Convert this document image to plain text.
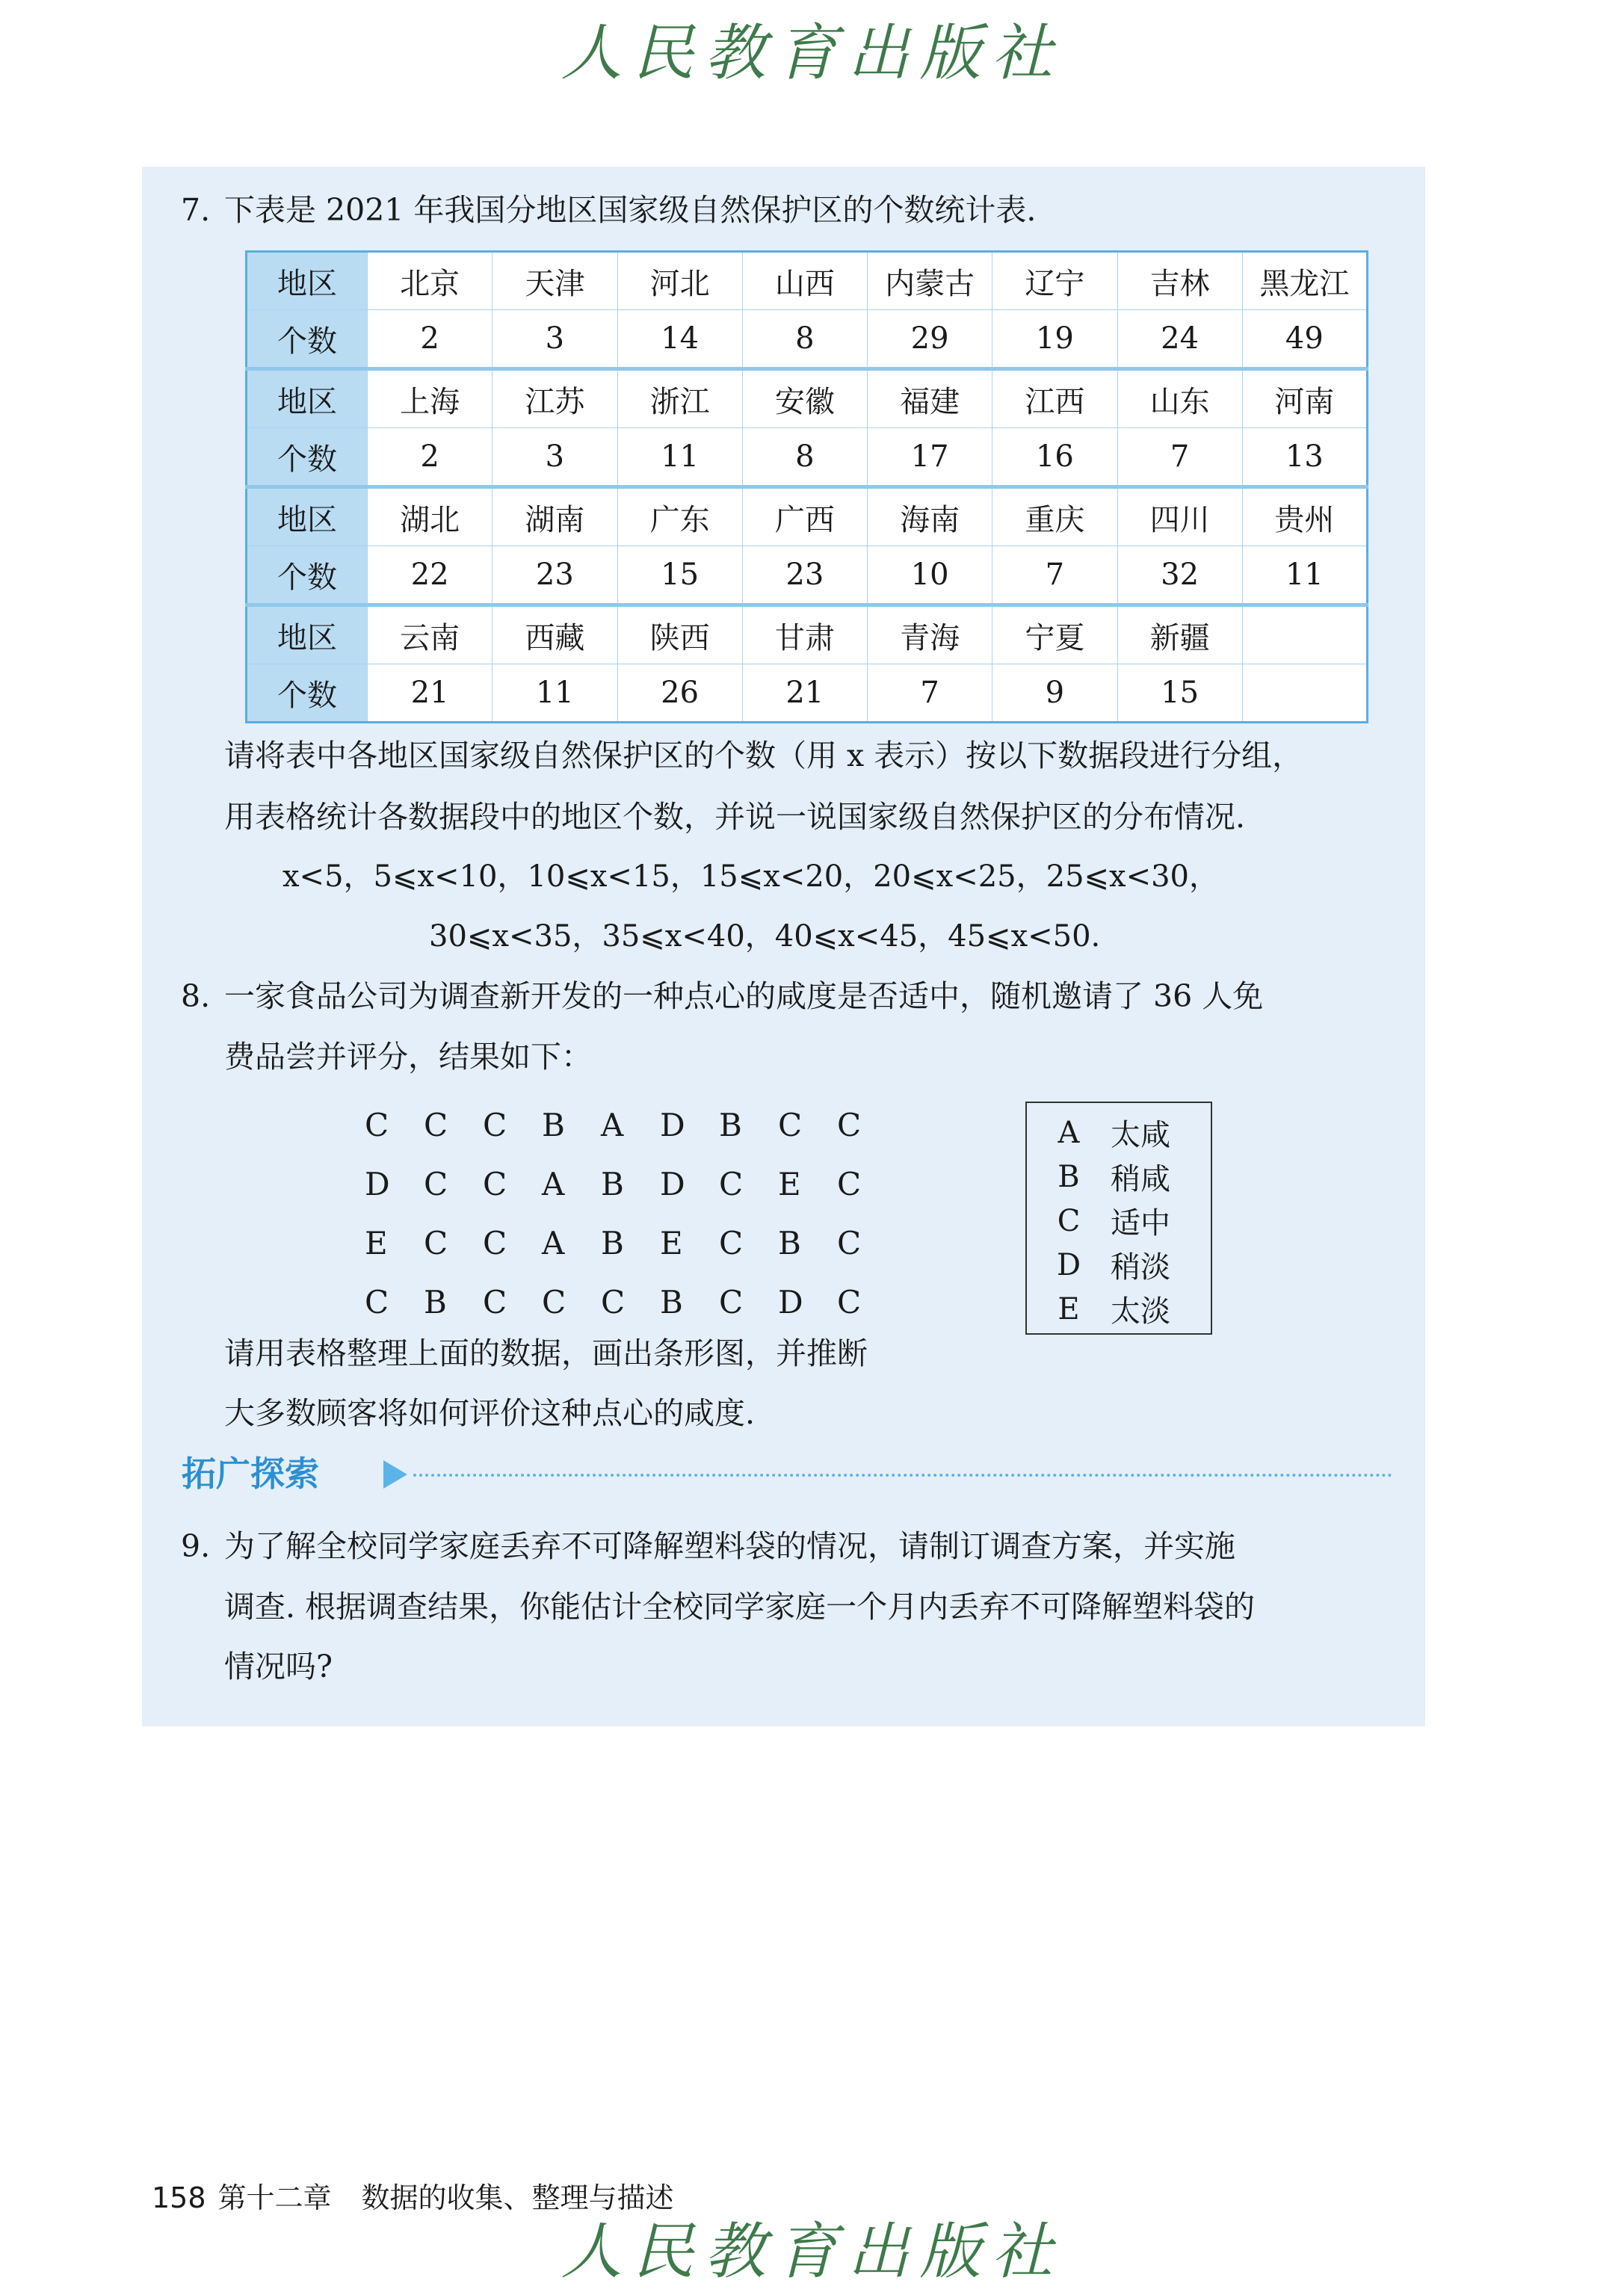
人民教育出版社
7. 下表是 2021 年我国分地区国家级自然保护区的个数统计表.
地区	北京	天津	河北	山西	内蒙古	辽宁	吉林	黑龙江
个数	2	3	14	8	29	19	24	49
地区	上海	江苏	浙江	安徽	福建	江西	山东	河南
个数	2	3	11	8	17	16	7	13
地区	湖北	湖南	广东	广西	海南	重庆	四川	贵州
个数	22	23	15	23	10	7	32	11
地区	云南	西藏	陕西	甘肃	青海	宁夏	新疆	
个数	21	11	26	21	7	9	15	
请将表中各地区国家级自然保护区的个数（用 x 表示）按以下数据段进行分组，
用表格统计各数据段中的地区个数，并说一说国家级自然保护区的分布情况.
x<5，5⩽x<10，10⩽x<15，15⩽x<20，20⩽x<25，25⩽x<30，
30⩽x<35，35⩽x<40，40⩽x<45，45⩽x<50.
8. 一家食品公司为调查新开发的一种点心的咸度是否适中，随机邀请了 36 人免
费品尝并评分，结果如下：
C	C	C	B	A	D	B	C	C
D	C	C	A	B	D	C	E	C
E	C	C	A	B	E	C	B	C
C	B	C	C	C	B	C	D	C
A	太咸
B	稍咸
C	适中
D 稍淡
E	太淡
请用表格整理上面的数据，画出条形图，并推断
大多数顾客将如何评价这种点心的咸度.
拓广探索
9. 为了解全校同学家庭丢弃不可降解塑料袋的情况，请制订调查方案，并实施
调查. 根据调查结果，你能估计全校同学家庭一个月内丢弃不可降解塑料袋的
情况吗?
158 第十二章 数据的收集、整理与描述
人民教育出版社
